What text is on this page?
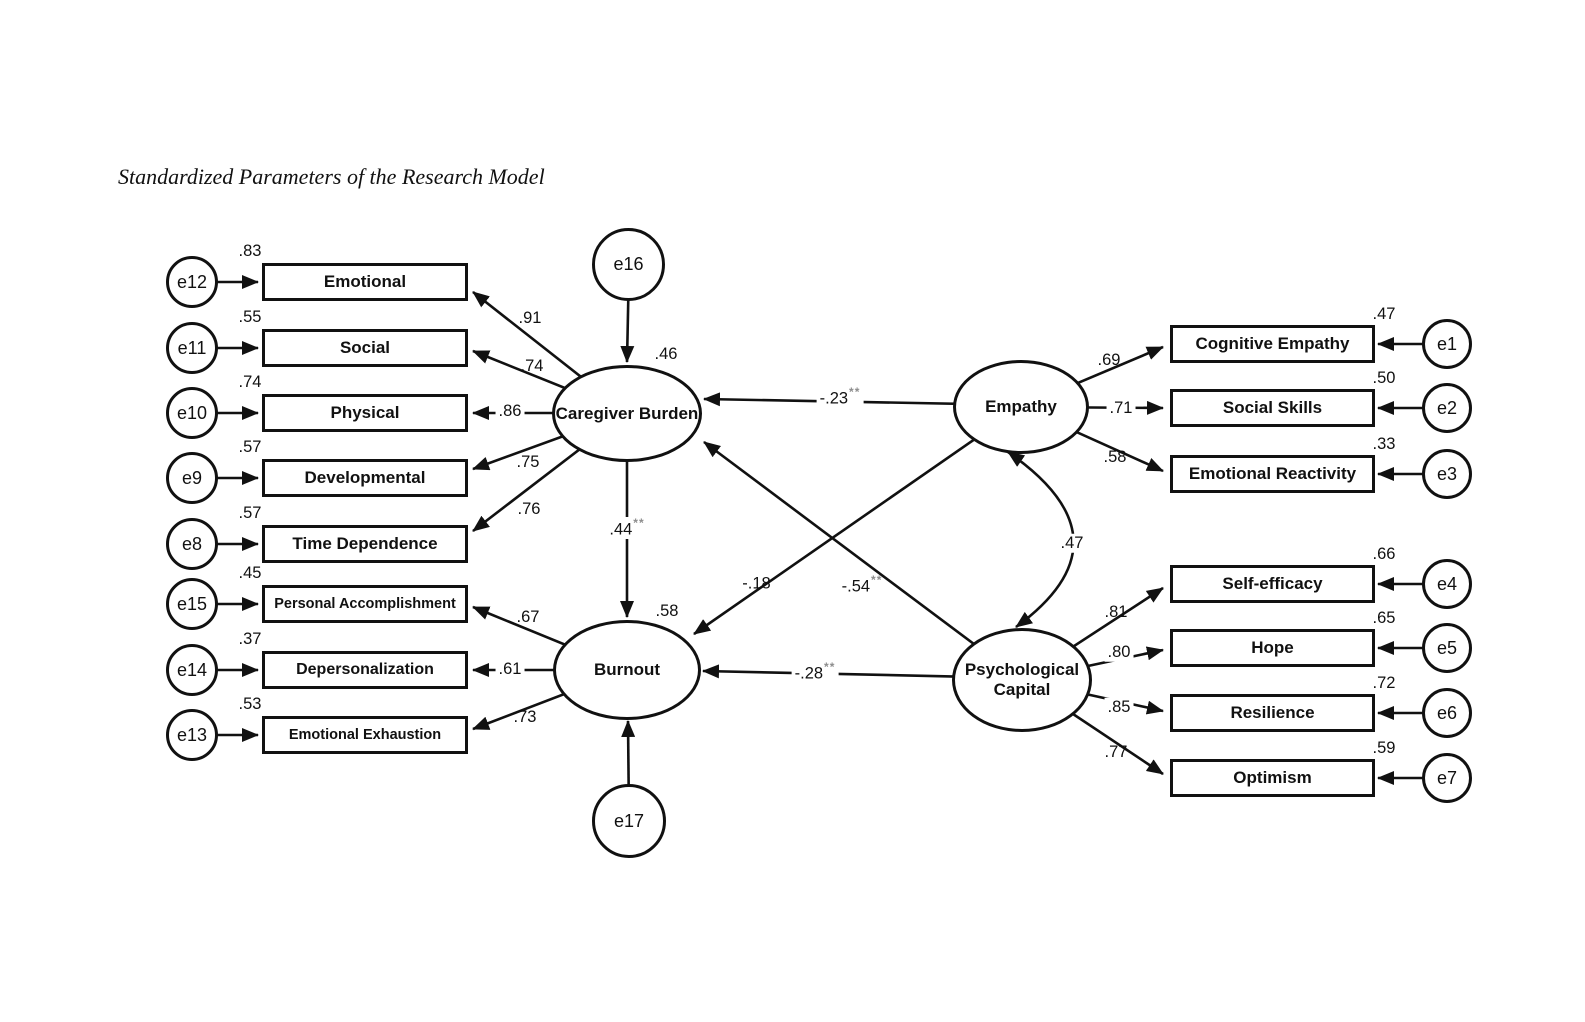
Standardized Parameters of the Research Model
e12
e11
e10
e9
e8
e15
e14
e13
Emotional
Social
Physical
Developmental
Time Dependence
Personal Accomplishment
Depersonalization
Emotional Exhaustion
.83
.55
.74
.57
.57
.45
.37
.53
.91
.74
.86
.75
.76
.67
.61
.73
e16
Caregiver Burden
.46
Burnout
.58
e17
Empathy
Psychological
Capital
.44**
-.23**
-.18	-.54**
-.28**
.47
.69
.71
.58
.81
.80
.85
.77
Cognitive Empathy
Social Skills
Emotional Reactivity
Self-efficacy
Hope
Resilience
Optimism
.47
.50
.33
.66
.65
.72
.59
e1
e2
e3
e4
e5
e6
e7
